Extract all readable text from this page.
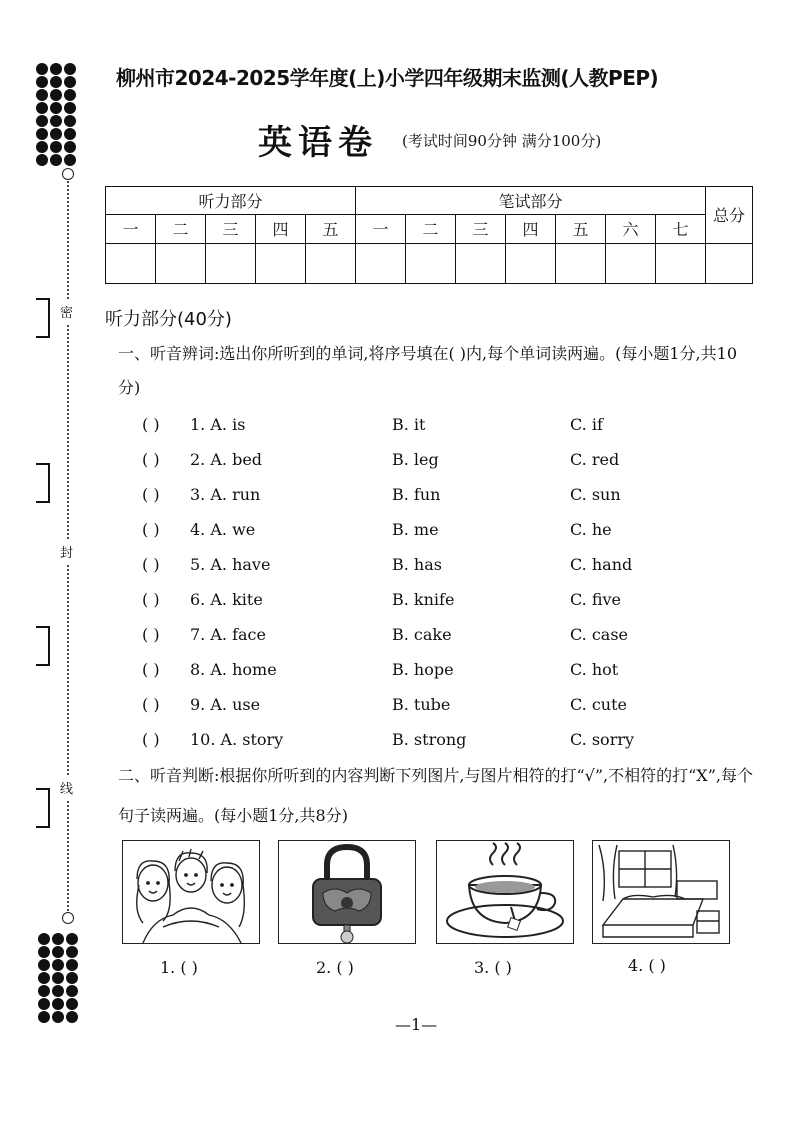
密
封
线
柳州市2024-2025学年度(上)小学四年级期末监测(人教PEP)
英语卷 (考试时间90分钟 满分100分)
听力部分					笔试部分							总分
一	二	三	四	五	一	二	三	四	五	六	七	

听力部分(40分)
一、听音辨词:选出你所听到的单词,将序号填在( )内,每个单词读两遍。(每小题1分,共10分)
( ) 1. A. is	B. it	C. if
( ) 2. A. bed	B. leg	C. red
( ) 3. A. run	B. fun	C. sun
( ) 4. A. we	B. me	C. he
( ) 5. A. have	B. has	C. hand
( ) 6. A. kite	B. knife	C. five
( ) 7. A. face	B. cake	C. case
( ) 8. A. home	B. hope	C. hot
( ) 9. A. use	B. tube	C. cute
( ) 10. A. story	B. strong	C. sorry
二、听音判断:根据你所听到的内容判断下列图片,与图片相符的打“√”,不相符的打“X”,每个句子读两遍。(每小题1分,共8分)
1. ( )	2. ( )	3. ( )	4. ( )
—1—
